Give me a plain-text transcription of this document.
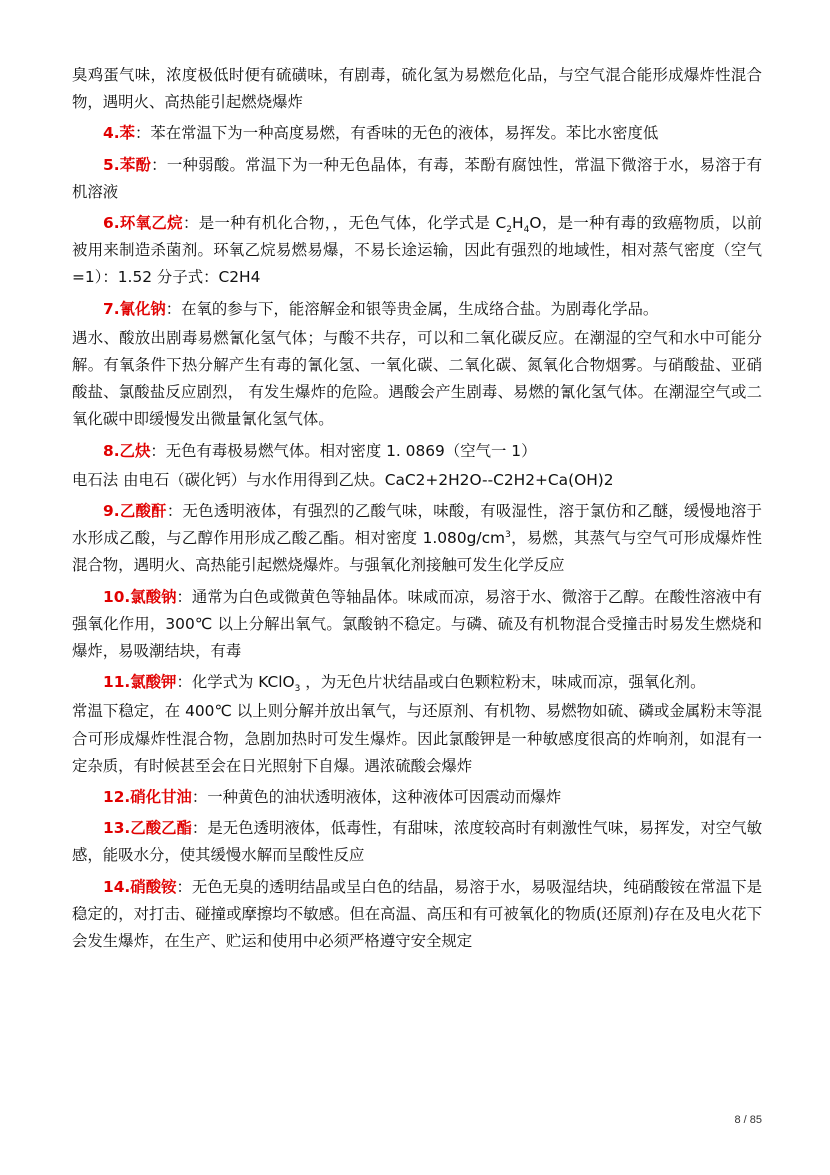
臭鸡蛋气味，浓度极低时便有硫磺味，有剧毒，硫化氢为易燃危化品，与空气混合能形成爆炸性混合物，遇明火、高热能引起燃烧爆炸

4.苯：苯在常温下为一种高度易燃，有香味的无色的液体，易挥发。苯比水密度低

5.苯酚：一种弱酸。常温下为一种无色晶体，有毒，苯酚有腐蚀性，常温下微溶于水，易溶于有机溶液

6.环氧乙烷：是一种有机化合物，，无色气体，化学式是 $C_2H_4O$，是一种有毒的致癌物质，以前被用来制造杀菌剂。环氧乙烷易燃易爆，不易长途运输，因此有强烈的地域性，相对蒸气密度（空气=1）：1.52 分子式：C2H4

7.氰化钠：在氧的参与下，能溶解金和银等贵金属，生成络合盐。为剧毒化学品。

遇水、酸放出剧毒易燃氰化氢气体；与酸不共存，可以和二氧化碳反应。在潮湿的空气和水中可能分解。有氧条件下热分解产生有毒的氰化氢、一氧化碳、二氧化碳、氮氧化合物烟雾。与硝酸盐、亚硝酸盐、氯酸盐反应剧烈， 有发生爆炸的危险。遇酸会产生剧毒、易燃的氰化氢气体。在潮湿空气或二氧化碳中即缓慢发出微量氰化氢气体。

8.乙炔：无色有毒极易燃气体。相对密度 1. 0869（空气一 1）

电石法 由电石（碳化钙）与水作用得到乙炔。CaC2+2H2O--C2H2+Ca(OH)2

9.乙酸酐：无色透明液体，有强烈的乙酸气味，味酸，有吸湿性，溶于氯仿和乙醚，缓慢地溶于水形成乙酸，与乙醇作用形成乙酸乙酯。相对密度 $1.080g/cm^3$，易燃，其蒸气与空气可形成爆炸性混合物，遇明火、高热能引起燃烧爆炸。与强氧化剂接触可发生化学反应

10.氯酸钠：通常为白色或微黄色等轴晶体。味咸而凉，易溶于水、微溶于乙醇。在酸性溶液中有强氧化作用，300℃ 以上分解出氧气。氯酸钠不稳定。与磷、硫及有机物混合受撞击时易发生燃烧和爆炸，易吸潮结块，有毒

11.氯酸钾：化学式为 KClO$_3$ ，为无色片状结晶或白色颗粒粉末，味咸而凉，强氧化剂。

常温下稳定，在 400℃ 以上则分解并放出氧气，与还原剂、有机物、易燃物如硫、磷或金属粉末等混合可形成爆炸性混合物，急剧加热时可发生爆炸。因此氯酸钾是一种敏感度很高的炸响剂，如混有一定杂质，有时候甚至会在日光照射下自爆。遇浓硫酸会爆炸

12.硝化甘油：一种黄色的油状透明液体，这种液体可因震动而爆炸

13.乙酸乙酯：是无色透明液体，低毒性，有甜味，浓度较高时有刺激性气味，易挥发，对空气敏感，能吸水分，使其缓慢水解而呈酸性反应

14.硝酸铵：无色无臭的透明结晶或呈白色的结晶，易溶于水，易吸湿结块，纯硝酸铵在常温下是稳定的，对打击、碰撞或摩擦均不敏感。但在高温、高压和有可被氧化的物质(还原剂)存在及电火花下会发生爆炸，在生产、贮运和使用中必须严格遵守安全规定

8 / 85
